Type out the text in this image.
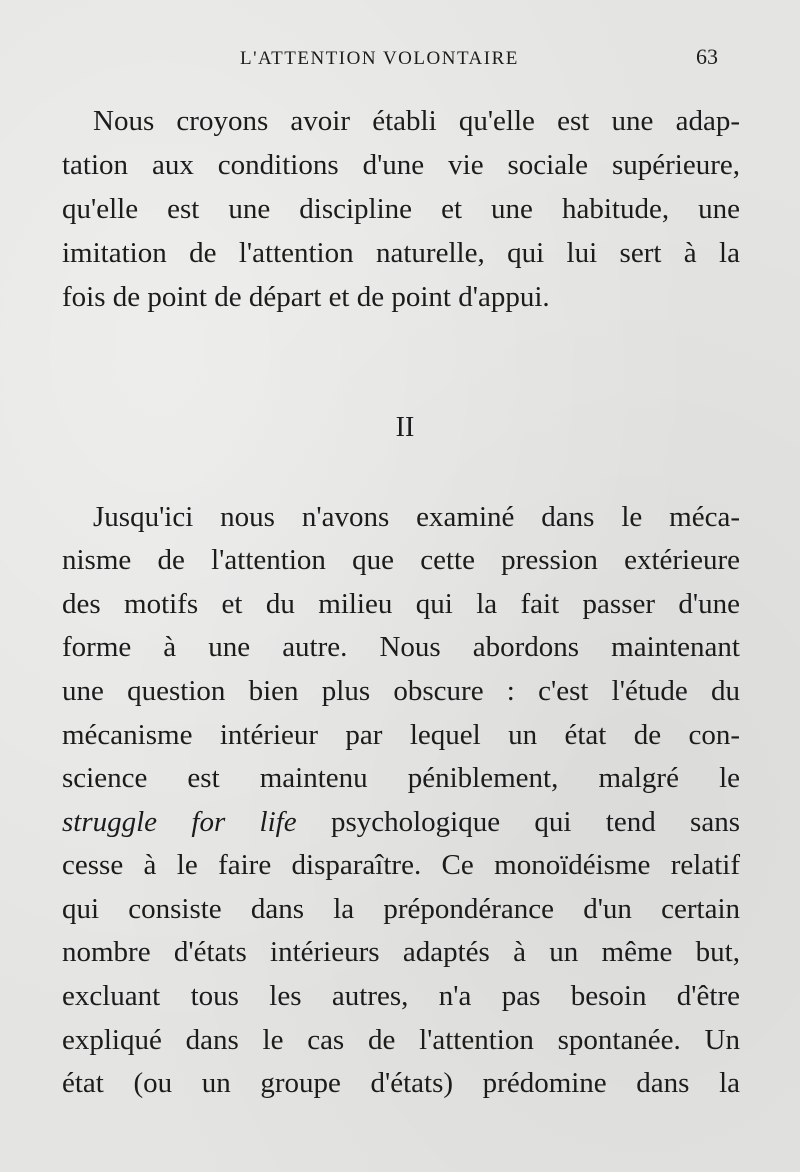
L'ATTENTION VOLONTAIRE	63
Nous croyons avoir établi qu'elle est une adap-
tation aux conditions d'une vie sociale supérieure,
qu'elle est une discipline et une habitude, une
imitation de l'attention naturelle, qui lui sert à la
fois de point de départ et de point d'appui.
II
Jusqu'ici nous n'avons examiné dans le méca-
nisme de l'attention que cette pression extérieure
des motifs et du milieu qui la fait passer d'une
forme à une autre. Nous abordons maintenant
une question bien plus obscure : c'est l'étude du
mécanisme intérieur par lequel un état de con-
science est maintenu péniblement, malgré le
struggle for life psychologique qui tend sans
cesse à le faire disparaître. Ce monoïdéisme relatif
qui consiste dans la prépondérance d'un certain
nombre d'états intérieurs adaptés à un même but,
excluant tous les autres, n'a pas besoin d'être
expliqué dans le cas de l'attention spontanée. Un
état (ou un groupe d'états) prédomine dans la
